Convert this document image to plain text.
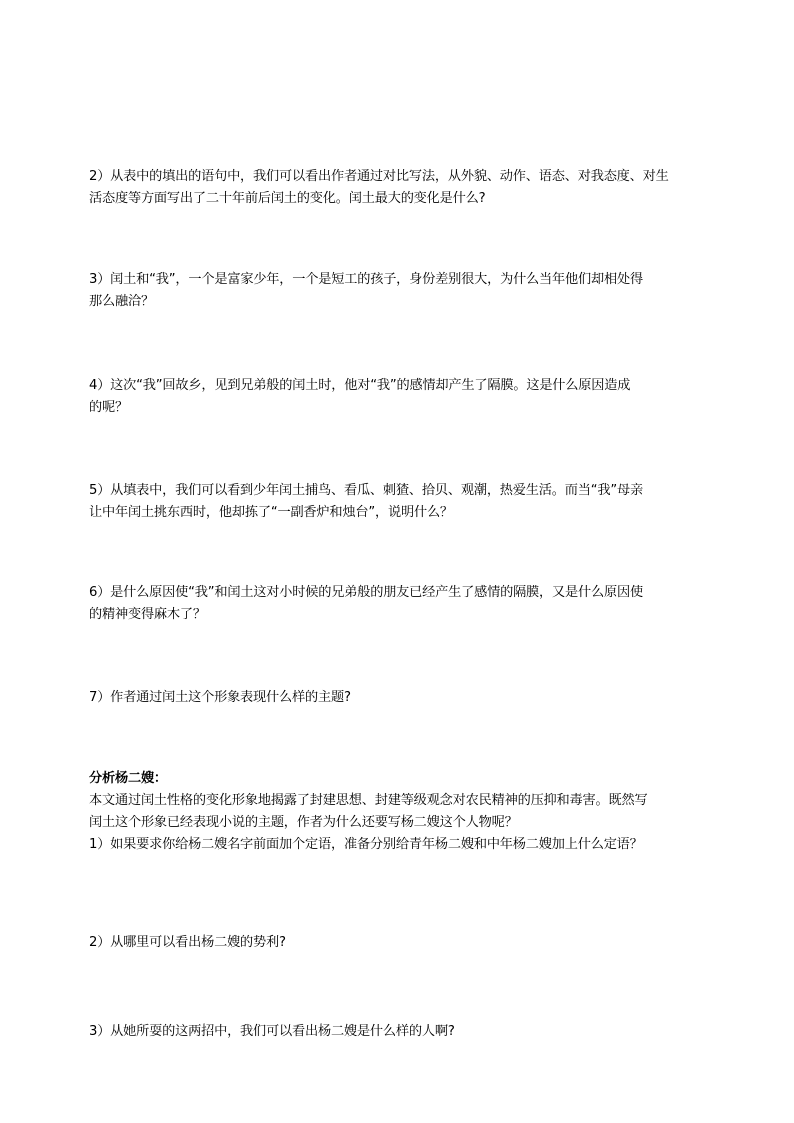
2）从表中的填出的语句中，我们可以看出作者通过对比写法，从外貌、动作、语态、对我态度、对生
活态度等方面写出了二十年前后闰土的变化。闰土最大的变化是什么?
3）闰土和“我”，一个是富家少年，一个是短工的孩子，身份差别很大，为什么当年他们却相处得
那么融洽？
4）这次“我”回故乡，见到兄弟般的闰土时，他对“我”的感情却产生了隔膜。这是什么原因造成
的呢？
5）从填表中，我们可以看到少年闰土捕鸟、看瓜、刺猹、拾贝、观潮，热爱生活。而当“我”母亲
让中年闰土挑东西时，他却拣了“一副香炉和烛台”，说明什么？
6）是什么原因使“我”和闰土这对小时候的兄弟般的朋友已经产生了感情的隔膜，又是什么原因使
的精神变得麻木了？
7）作者通过闰土这个形象表现什么样的主题?
分析杨二嫂：
本文通过闰土性格的变化形象地揭露了封建思想、封建等级观念对农民精神的压抑和毒害。既然写
闰土这个形象已经表现小说的主题，作者为什么还要写杨二嫂这个人物呢？
1）如果要求你给杨二嫂名字前面加个定语，准备分别给青年杨二嫂和中年杨二嫂加上什么定语？
2）从哪里可以看出杨二嫂的势利?
3）从她所耍的这两招中，我们可以看出杨二嫂是什么样的人啊?
